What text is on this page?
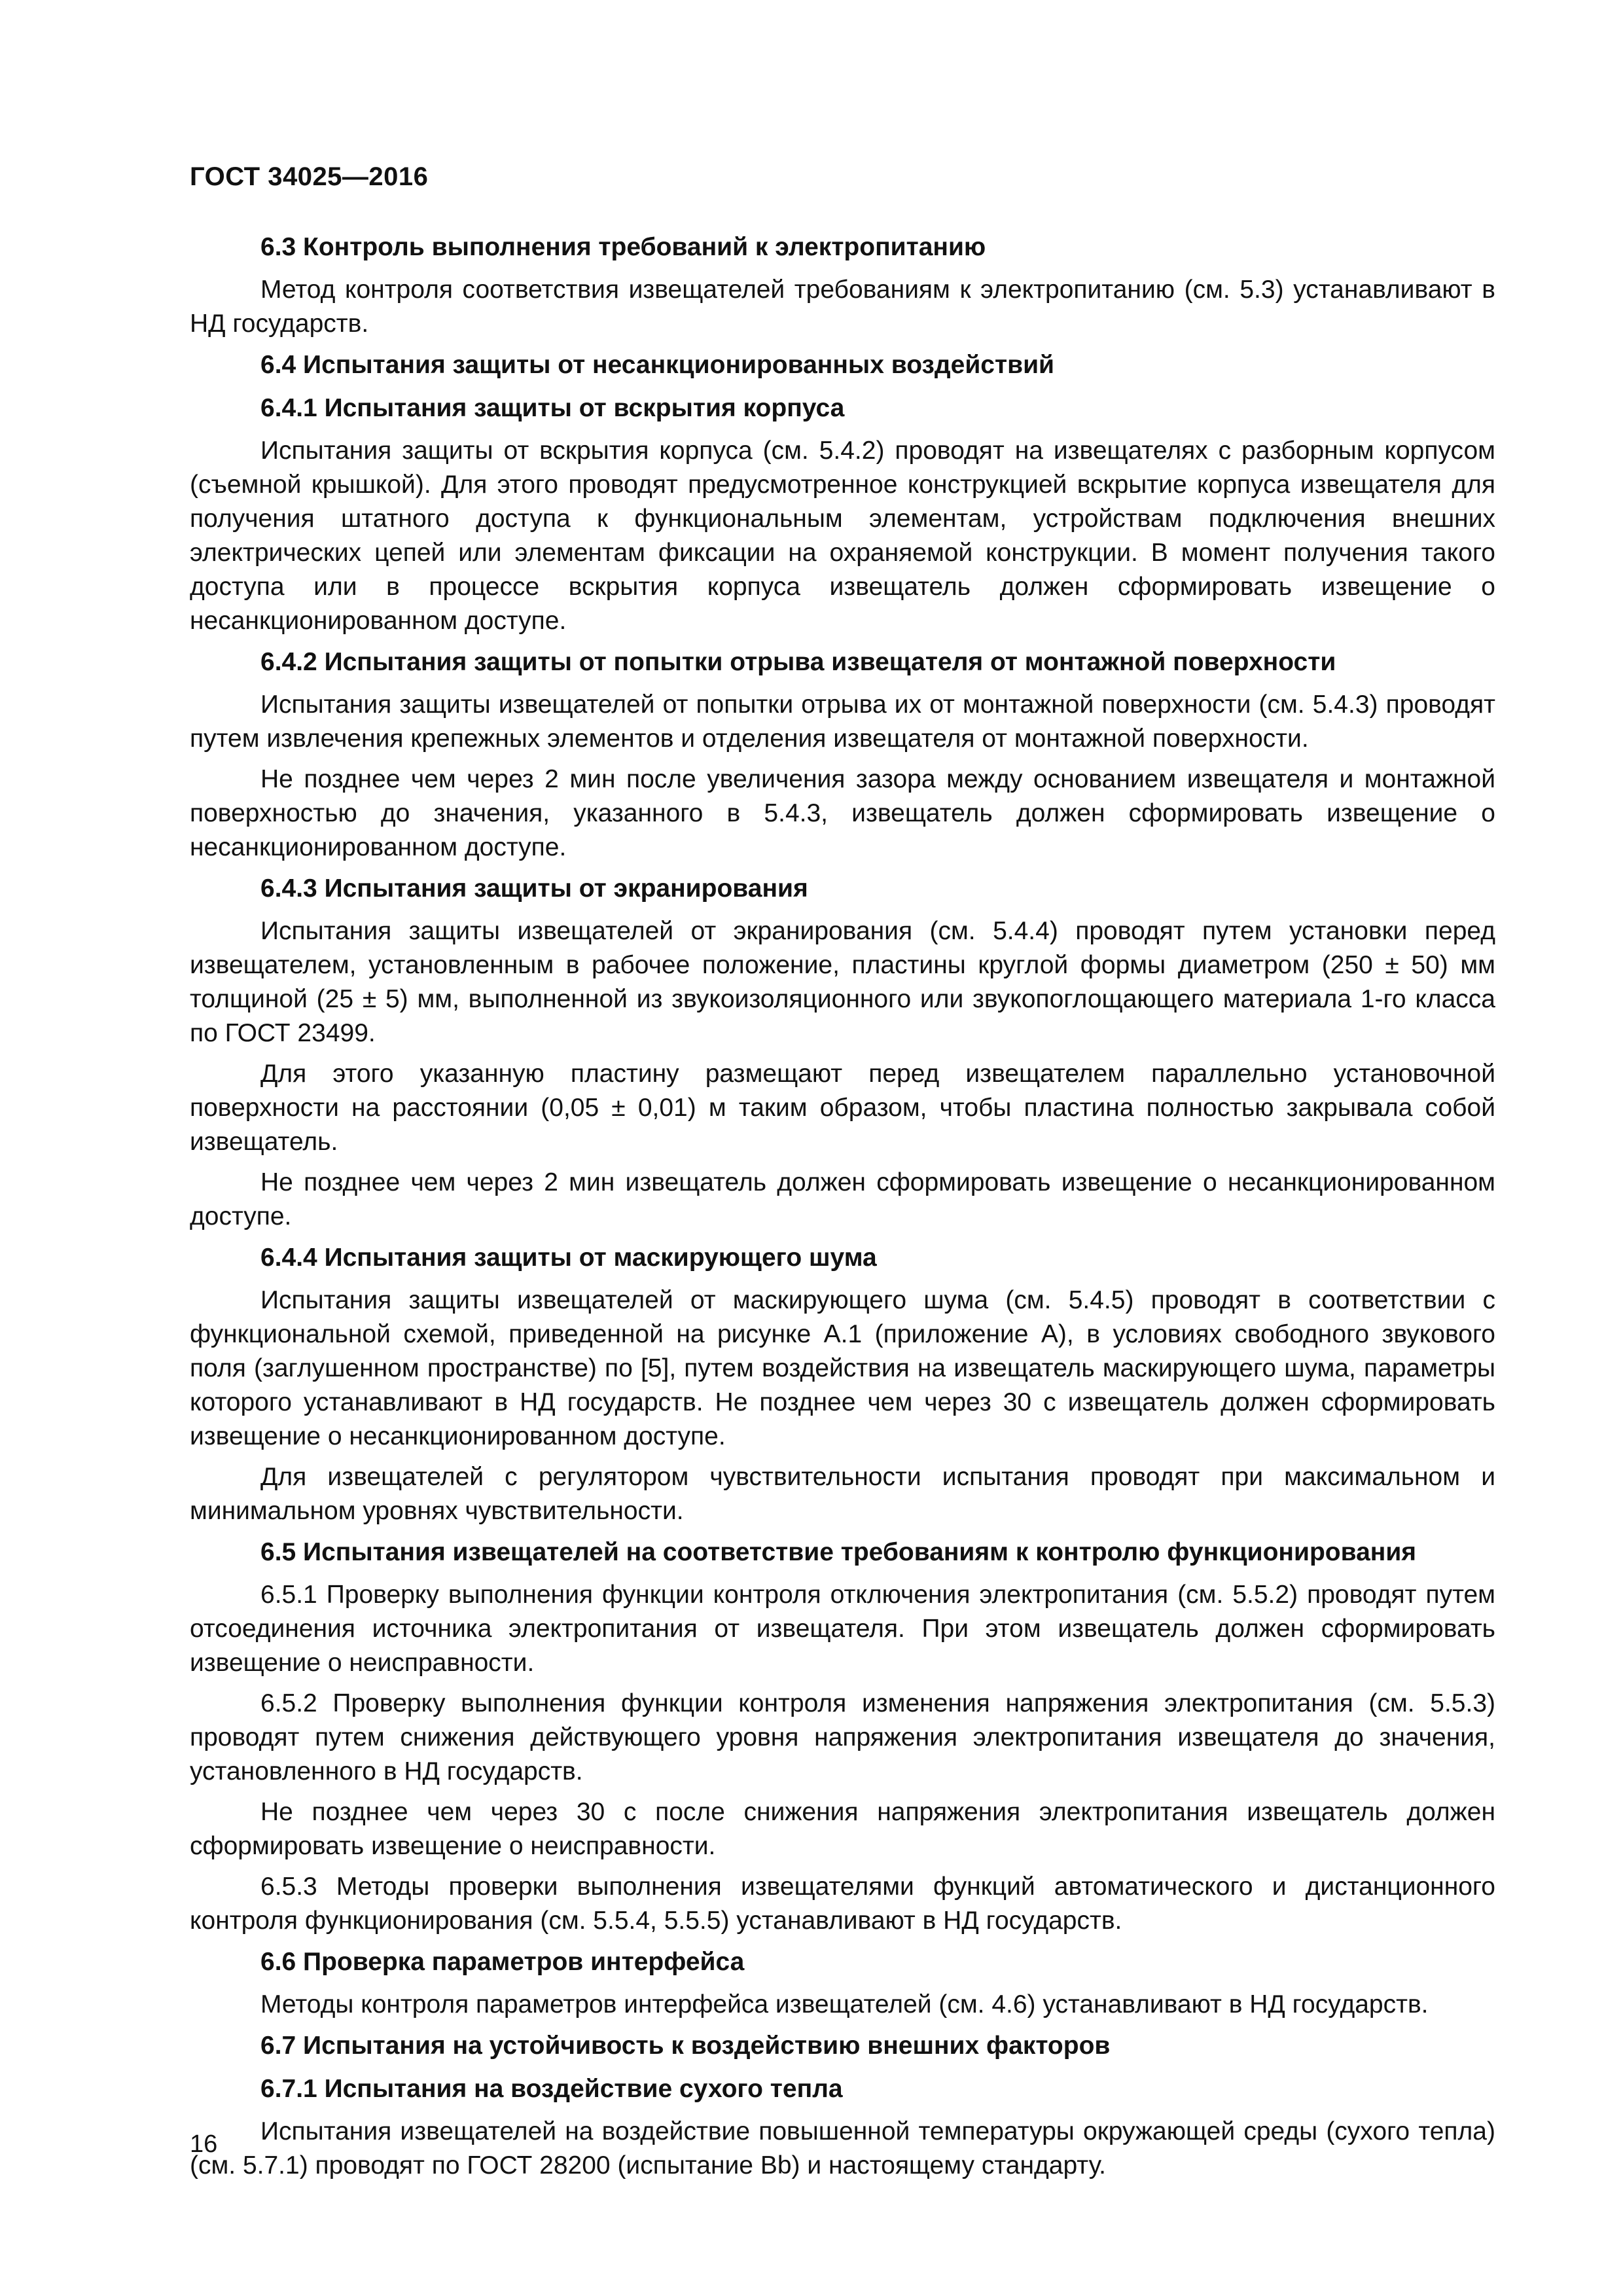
ГОСТ 34025—2016
6.3 Контроль выполнения требований к электропитанию

Метод контроля соответствия извещателей требованиям к электропитанию (см. 5.3) устанавливают в НД государств.

6.4 Испытания защиты от несанкционированных воздействий
6.4.1 Испытания защиты от вскрытия корпуса

Испытания защиты от вскрытия корпуса (см. 5.4.2) проводят на извещателях с разборным корпусом (съемной крышкой). Для этого проводят предусмотренное конструкцией вскрытие корпуса извещателя для получения штатного доступа к функциональным элементам, устройствам подключения внешних электрических цепей или элементам фиксации на охраняемой конструкции. В момент получения такого доступа или в процессе вскрытия корпуса извещатель должен сформировать извещение о несанкционированном доступе.

6.4.2 Испытания защиты от попытки отрыва извещателя от монтажной поверхности

Испытания защиты извещателей от попытки отрыва их от монтажной поверхности (см. 5.4.3) проводят путем извлечения крепежных элементов и отделения извещателя от монтажной поверхности.

Не позднее чем через 2 мин после увеличения зазора между основанием извещателя и монтажной поверхностью до значения, указанного в 5.4.3, извещатель должен сформировать извещение о несанкционированном доступе.

6.4.3 Испытания защиты от экранирования

Испытания защиты извещателей от экранирования (см. 5.4.4) проводят путем установки перед извещателем, установленным в рабочее положение, пластины круглой формы диаметром (250 ± 50) мм толщиной (25 ± 5) мм, выполненной из звукоизоляционного или звукопоглощающего материала 1-го класса по ГОСТ 23499.

Для этого указанную пластину размещают перед извещателем параллельно установочной поверхности на расстоянии (0,05 ± 0,01) м таким образом, чтобы пластина полностью закрывала собой извещатель.

Не позднее чем через 2 мин извещатель должен сформировать извещение о несанкционированном доступе.

6.4.4 Испытания защиты от маскирующего шума

Испытания защиты извещателей от маскирующего шума (см. 5.4.5) проводят в соответствии с функциональной схемой, приведенной на рисунке А.1 (приложение А), в условиях свободного звукового поля (заглушенном пространстве) по [5], путем воздействия на извещатель маскирующего шума, параметры которого устанавливают в НД государств. Не позднее чем через 30 с извещатель должен сформировать извещение о несанкционированном доступе.

Для извещателей с регулятором чувствительности испытания проводят при максимальном и минимальном уровнях чувствительности.

6.5 Испытания извещателей на соответствие требованиям к контролю функционирования

6.5.1 Проверку выполнения функции контроля отключения электропитания (см. 5.5.2) проводят путем отсоединения источника электропитания от извещателя. При этом извещатель должен сформировать извещение о неисправности.

6.5.2 Проверку выполнения функции контроля изменения напряжения электропитания (см. 5.5.3) проводят путем снижения действующего уровня напряжения электропитания извещателя до значения, установленного в НД государств.

Не позднее чем через 30 с после снижения напряжения электропитания извещатель должен сформировать извещение о неисправности.

6.5.3 Методы проверки выполнения извещателями функций автоматического и дистанционного контроля функционирования (см. 5.5.4, 5.5.5) устанавливают в НД государств.

6.6 Проверка параметров интерфейса

Методы контроля параметров интерфейса извещателей (см. 4.6) устанавливают в НД государств.

6.7 Испытания на устойчивость к воздействию внешних факторов
6.7.1 Испытания на воздействие сухого тепла

Испытания извещателей на воздействие повышенной температуры окружающей среды (сухого тепла) (см. 5.7.1) проводят по ГОСТ 28200 (испытание Bb) и настоящему стандарту.

16
